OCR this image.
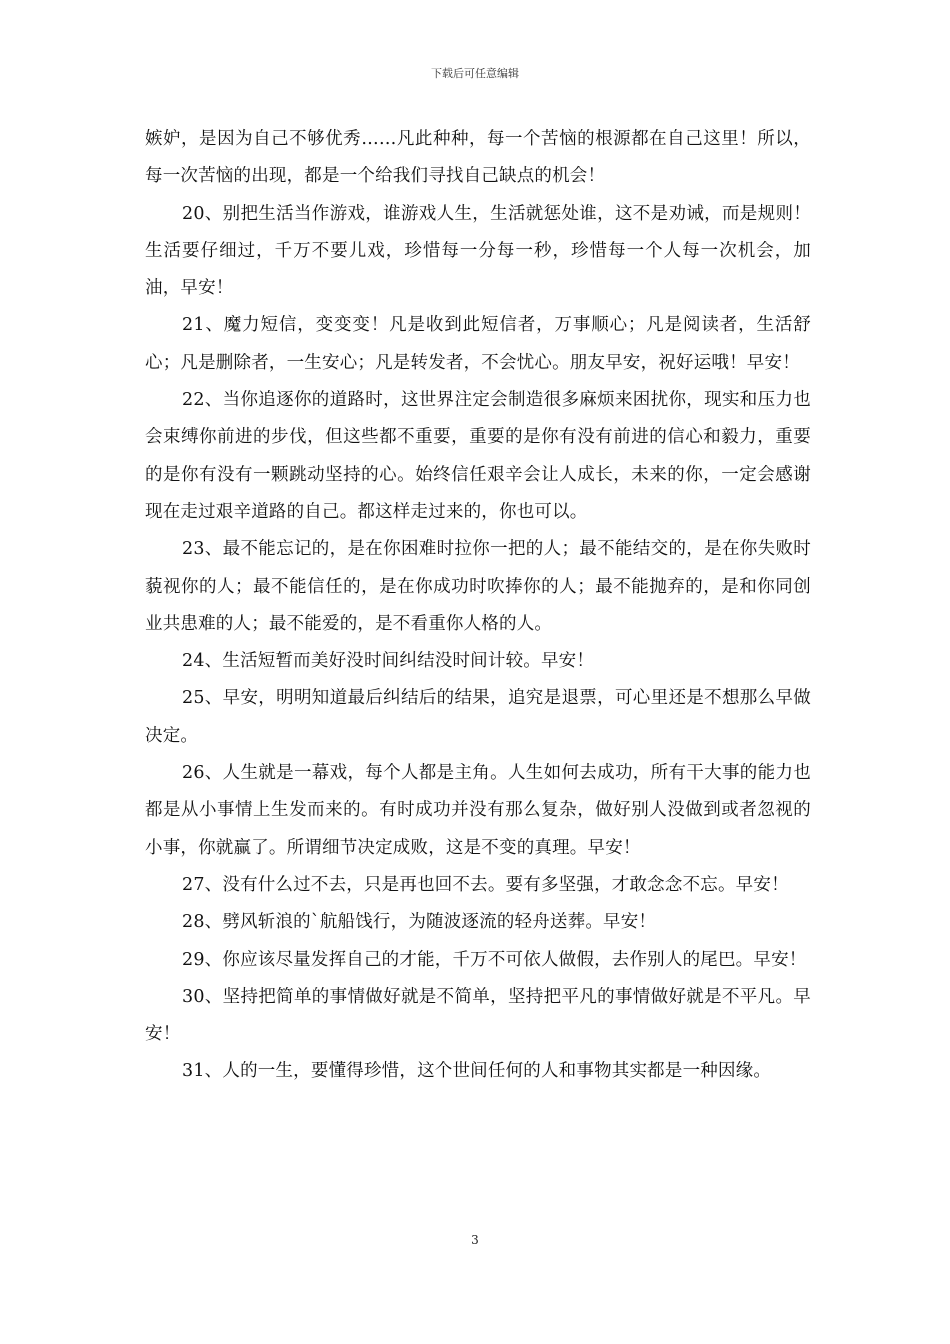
下载后可任意编辑

嫉妒，是因为自己不够优秀……凡此种种，每一个苦恼的根源都在自己这里！所以，每一次苦恼的出现，都是一个给我们寻找自己缺点的机会！

20、别把生活当作游戏，谁游戏人生，生活就惩处谁，这不是劝诫，而是规则！生活要仔细过，千万不要儿戏，珍惜每一分每一秒，珍惜每一个人每一次机会，加油，早安！

21、魔力短信，变变变！凡是收到此短信者，万事顺心；凡是阅读者，生活舒心；凡是删除者，一生安心；凡是转发者，不会忧心。朋友早安，祝好运哦！早安！

22、当你追逐你的道路时，这世界注定会制造很多麻烦来困扰你，现实和压力也会束缚你前进的步伐，但这些都不重要，重要的是你有没有前进的信心和毅力，重要的是你有没有一颗跳动坚持的心。始终信任艰辛会让人成长，未来的你，一定会感谢现在走过艰辛道路的自己。都这样走过来的，你也可以。

23、最不能忘记的，是在你困难时拉你一把的人；最不能结交的，是在你失败时藐视你的人；最不能信任的，是在你成功时吹捧你的人；最不能抛弃的，是和你同创业共患难的人；最不能爱的，是不看重你人格的人。

24、生活短暂而美好没时间纠结没时间计较。早安！

25、早安，明明知道最后纠结后的结果，追究是退票，可心里还是不想那么早做决定。

26、人生就是一幕戏，每个人都是主角。人生如何去成功，所有干大事的能力也都是从小事情上生发而来的。有时成功并没有那么复杂，做好别人没做到或者忽视的小事，你就赢了。所谓细节决定成败，这是不变的真理。早安！

27、没有什么过不去，只是再也回不去。要有多坚强，才敢念念不忘。早安！

28、劈风斩浪的`航船饯行，为随波逐流的轻舟送葬。早安！

29、你应该尽量发挥自己的才能，千万不可依人做假，去作别人的尾巴。早安！

30、坚持把简单的事情做好就是不简单，坚持把平凡的事情做好就是不平凡。早安！

31、人的一生，要懂得珍惜，这个世间任何的人和事物其实都是一种因缘。

3
